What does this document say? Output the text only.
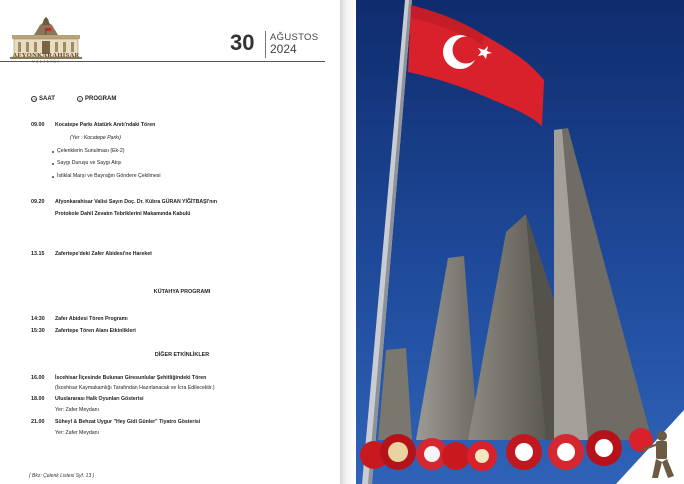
AFYONKARAHİSAR
30 AĞUSTOS
2024
◷ SAAT	≡ PROGRAM
09.00 Kocatepe Parkı Atatürk Anıtı'ndaki Tören
(Yer : Kocatepe Parkı)
Çelenklerin Sunulması (Ek-2)
Saygı Duruşu ve Saygı Atışı
İstiklal Marşı ve Bayrağın Göndere Çekilmesi
09.20 Afyonkarahisar Valisi Sayın Doç. Dr. Kübra GÜRAN YİĞİTBAŞI'nın
Protokole Dahil Zevatın Tebriklerini Makamında Kabulü
13.15 Zafertepe'deki Zafer Abidesi'ne Hareket
KÜTAHYA PROGRAMI
14:30 Zafer Abidesi Tören Programı
15:30 Zafertepe Tören Alanı Etkinlikleri
DİĞER ETKİNLİKLER
16.00 İscehisar İlçesinde Bulunan Giresunlular Şehitliğindeki Tören
(İscehisar Kaymakamlığı Tarafından Hazırlanacak ve İcra Edilecektir.)
18.00 Uluslararası Halk Oyunları Gösterisi
Yer: Zafer Meydanı
21.00 Süheyl & Behzat Uygur "Hey Gidi Günler" Tiyatro Gösterisi
Yer: Zafer Meydanı
( Bkz: Çelenk Listesi Syf. 13 )
